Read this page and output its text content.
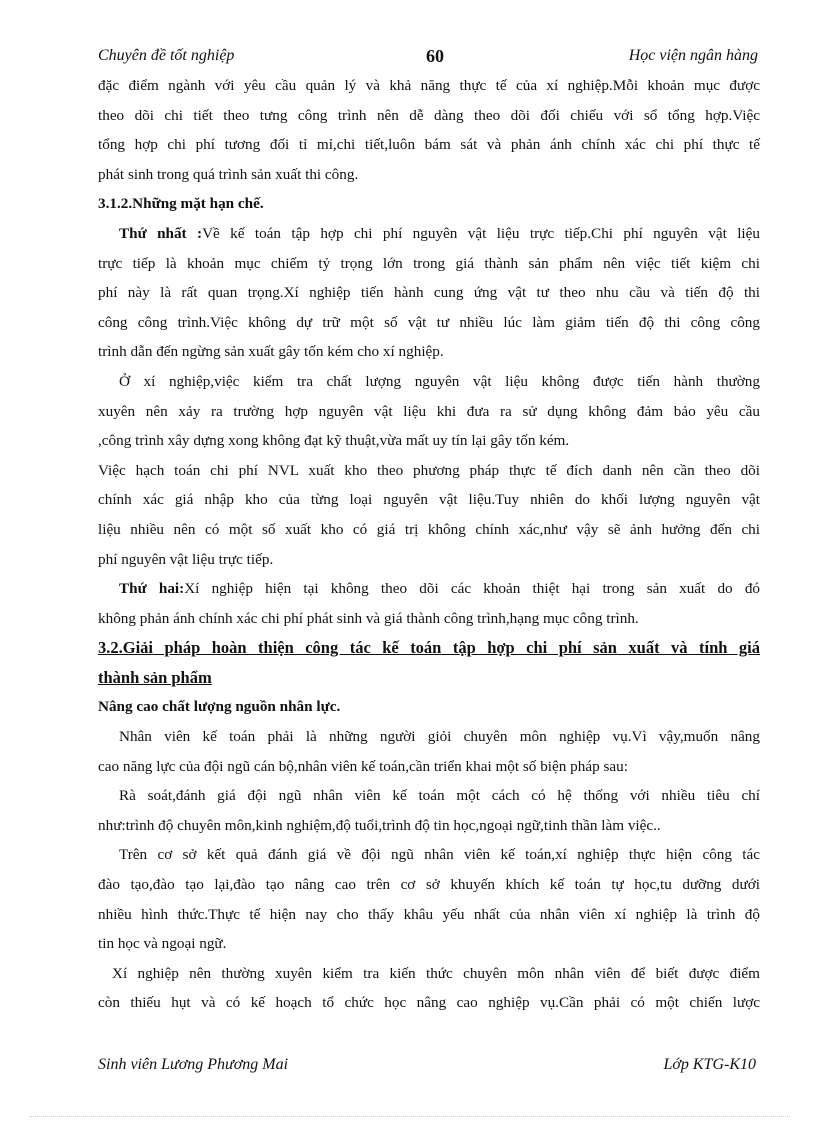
Chuyên đề tốt nghiệp	60	Học viện ngân hàng
đặc điểm ngành với yêu cầu quản lý và khả năng thực tế của xí nghiệp.Mỗi khoản mục được
theo dõi chi tiết theo tưng công trình nên dễ dàng theo dõi đối chiếu với sổ tổng hợp.Việc
tổng hợp chi phí tương đối tỉ mỉ,chi tiết,luôn bám sát và phản ánh chính xác chi phí thực tế
phát sinh trong quá trình sản xuất thi công.
3.1.2.Những mặt hạn chế.
Thứ nhất :Về kế toán tập hợp chi phí nguyên vật liệu trực tiếp.Chi phí nguyên vật liệu
trực tiếp là khoản mục chiếm tỷ trọng lớn trong giá thành sản phẩm nên việc tiết kiệm chi
phí này là rất quan trọng.Xí nghiệp tiến hành cung ứng vật tư theo nhu cầu và tiến độ thi
công công trình.Việc không dự trữ một số vật tư nhiều lúc làm giảm tiến độ thi công công
trình dẫn đến ngừng sản xuất gây tốn kém cho xí nghiệp.
Ở xí nghiệp,việc kiểm tra chất lượng nguyên vật liệu không được tiến hành thường
xuyên nên xảy ra trường hợp nguyên vật liệu khi đưa ra sử dụng không đảm bảo yêu cầu
,công trình xây dựng xong không đạt kỹ thuật,vừa mất uy tín lại gây tốn kém.
Việc hạch toán chi phí NVL xuất kho theo phương pháp thực tế đích danh nên cần theo dõi
chính xác giá nhập kho của từng loại nguyên vật liệu.Tuy nhiên do khối lượng nguyên vật
liệu nhiều nên có một số xuất kho có giá trị không chính xác,như vậy sẽ ảnh hưởng đến chi
phí nguyên vật liệu trực tiếp.
Thứ hai:Xí nghiệp hiện tại không theo dõi các khoản thiệt hại trong sản xuất do đó
không phản ánh chính xác chi phí phát sinh và giá thành công trình,hạng mục công trình.
3.2.Giải pháp hoàn thiện công tác kế toán tập hợp chi phí sản xuất và tính giá
thành sản phẩm
Nâng cao chất lượng nguồn nhân lực.
Nhân viên kế toán phải là những người giỏi chuyên môn nghiệp vụ.Vì vậy,muốn nâng
cao năng lực của đội ngũ cán bộ,nhân viên kế toán,cần triển khai một số biện pháp sau:
Rà soát,đánh giá đội ngũ nhân viên kế toán một cách có hệ thống với nhiều tiêu chí
như:trình độ chuyên môn,kinh nghiệm,độ tuổi,trình độ tin học,ngoại ngữ,tinh thần làm việc..
Trên cơ sở kết quả đánh giá về đội ngũ nhân viên kế toán,xí nghiệp thực hiện công tác
đào tạo,đào tạo lại,đào tạo nâng cao trên cơ sở khuyến khích kế toán tự học,tu dưỡng dưới
nhiều hình thức.Thực tế hiện nay cho thấy khâu yếu nhất của nhân viên xí nghiệp là trình độ
tin học và ngoại ngữ.
Xí nghiệp nên thường xuyên kiểm tra kiến thức chuyên môn nhân viên để biết được điểm
còn thiếu hụt và có kế hoạch tổ chức học nâng cao nghiệp vụ.Cần phải có một chiến lược
Sinh viên Lương Phương Mai	Lớp KTG-K10
